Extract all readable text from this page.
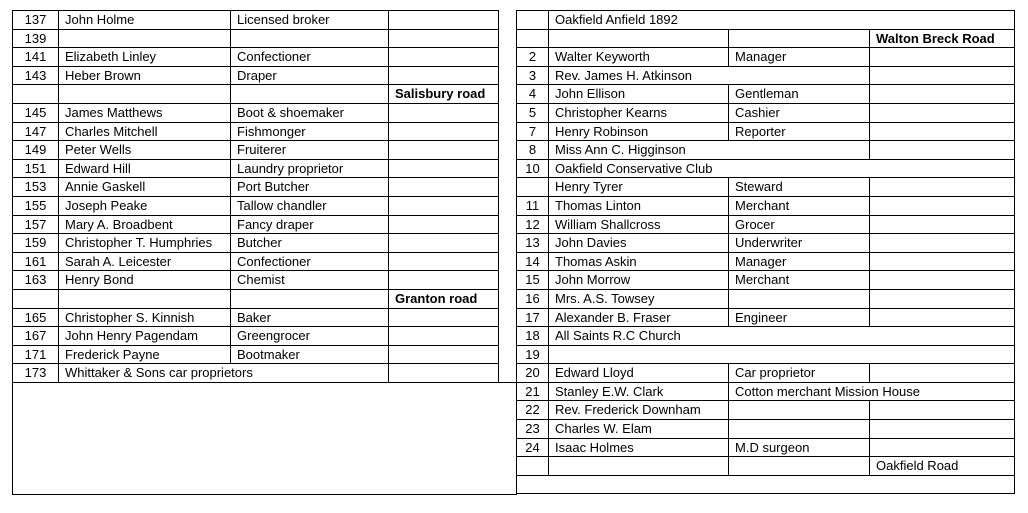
137	John Holme	Licensed broker	
139			
141	Elizabeth Linley	Confectioner	
143	Heber Brown	Draper	
			Salisbury road
145	James Matthews	Boot & shoemaker	
147	Charles Mitchell	Fishmonger	
149	Peter Wells	Fruiterer	
151	Edward Hill	Laundry proprietor	
153	Annie Gaskell	Port Butcher	
155	Joseph Peake	Tallow chandler	
157	Mary A. Broadbent	Fancy draper	
159	Christopher T. Humphries	Butcher	
161	Sarah A. Leicester	Confectioner	
163	Henry Bond	Chemist	
			Granton road
165	Christopher S. Kinnish	Baker	
167	John Henry Pagendam	Greengrocer	
171	Frederick Payne	Bootmaker	
173	Whittaker & Sons car proprietors		
	Oakfield Anfield 1892		
			Walton Breck Road
2	Walter Keyworth	Manager	
3	Rev. James H. Atkinson		
4	John Ellison	Gentleman	
5	Christopher Kearns	Cashier	
7	Henry Robinson	Reporter	
8	Miss Ann C. Higginson		
10	Oakfield Conservative Club		
	Henry Tyrer	Steward	
11	Thomas Linton	Merchant	
12	William Shallcross	Grocer	
13	John Davies	Underwriter	
14	Thomas Askin	Manager	
15	John Morrow	Merchant	
16	Mrs. A.S. Towsey		
17	Alexander B. Fraser	Engineer	
18	All Saints R.C Church		
19			
20	Edward Lloyd	Car proprietor	
21	Stanley E.W. Clark	Cotton merchant Mission House	
22	Rev. Frederick Downham		
23	Charles W. Elam		
24	Isaac Holmes	M.D surgeon	
			Oakfield Road
